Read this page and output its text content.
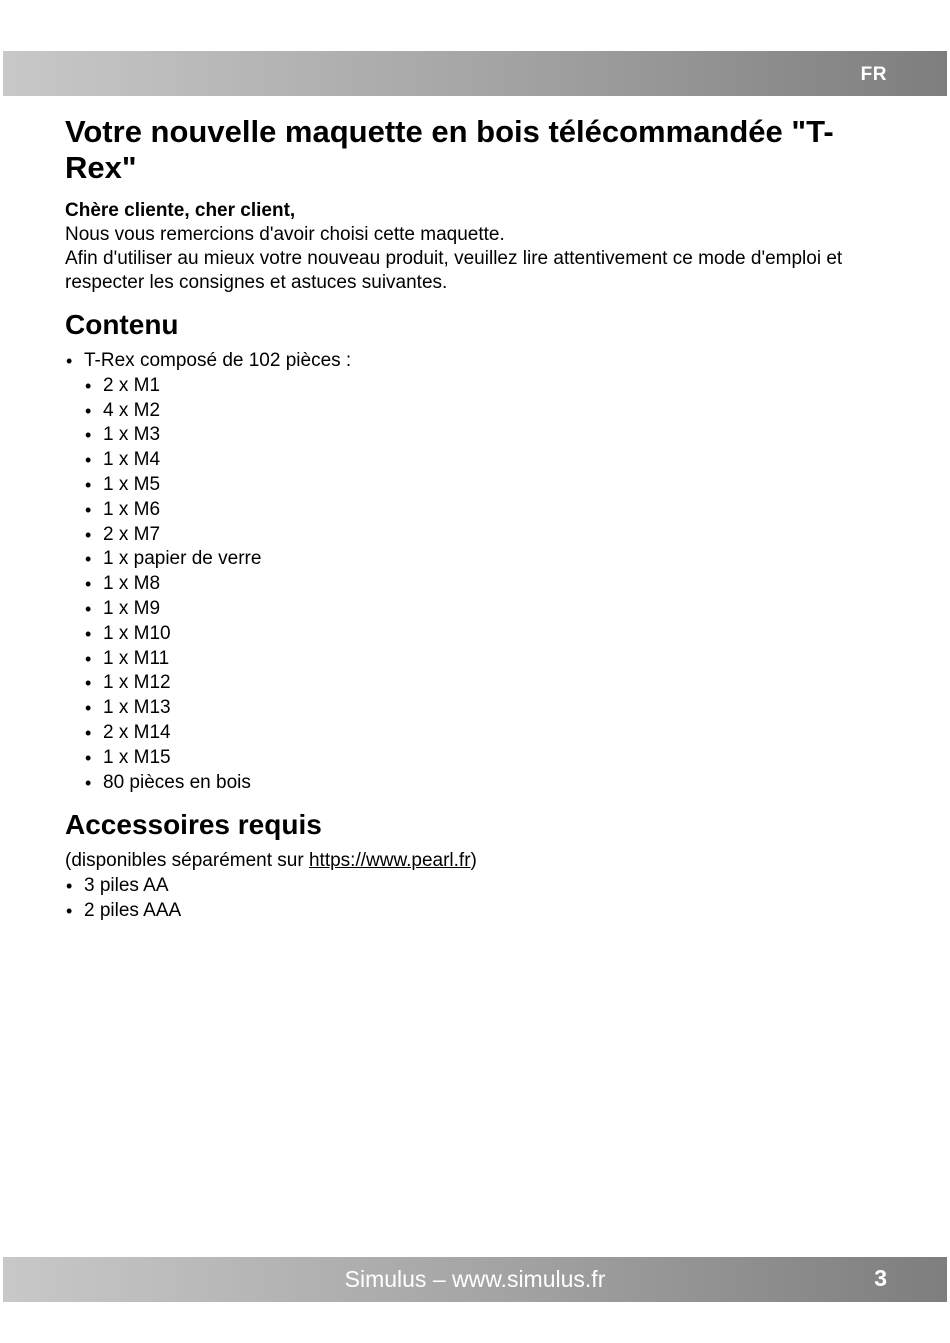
FR
Votre nouvelle maquette en bois télécommandée "T-Rex"

Chère cliente, cher client,

Nous vous remercions d'avoir choisi cette maquette.

Afin d'utiliser au mieux votre nouveau produit, veuillez lire attentivement ce mode d'emploi et respecter les consignes et astuces suivantes.

Contenu
• T-Rex composé de 102 pièces :
• 2 x M1
• 4 x M2
• 1 x M3
• 1 x M4
• 1 x M5
• 1 x M6
• 2 x M7
• 1 x papier de verre
• 1 x M8
• 1 x M9
• 1 x M10
• 1 x M11
• 1 x M12
• 1 x M13
• 2 x M14
• 1 x M15
• 80 pièces en bois
Accessoires requis

(disponibles séparément sur https://www.pearl.fr)

• 3 piles AA
• 2 piles AAA
Simulus – www.simulus.fr	3
